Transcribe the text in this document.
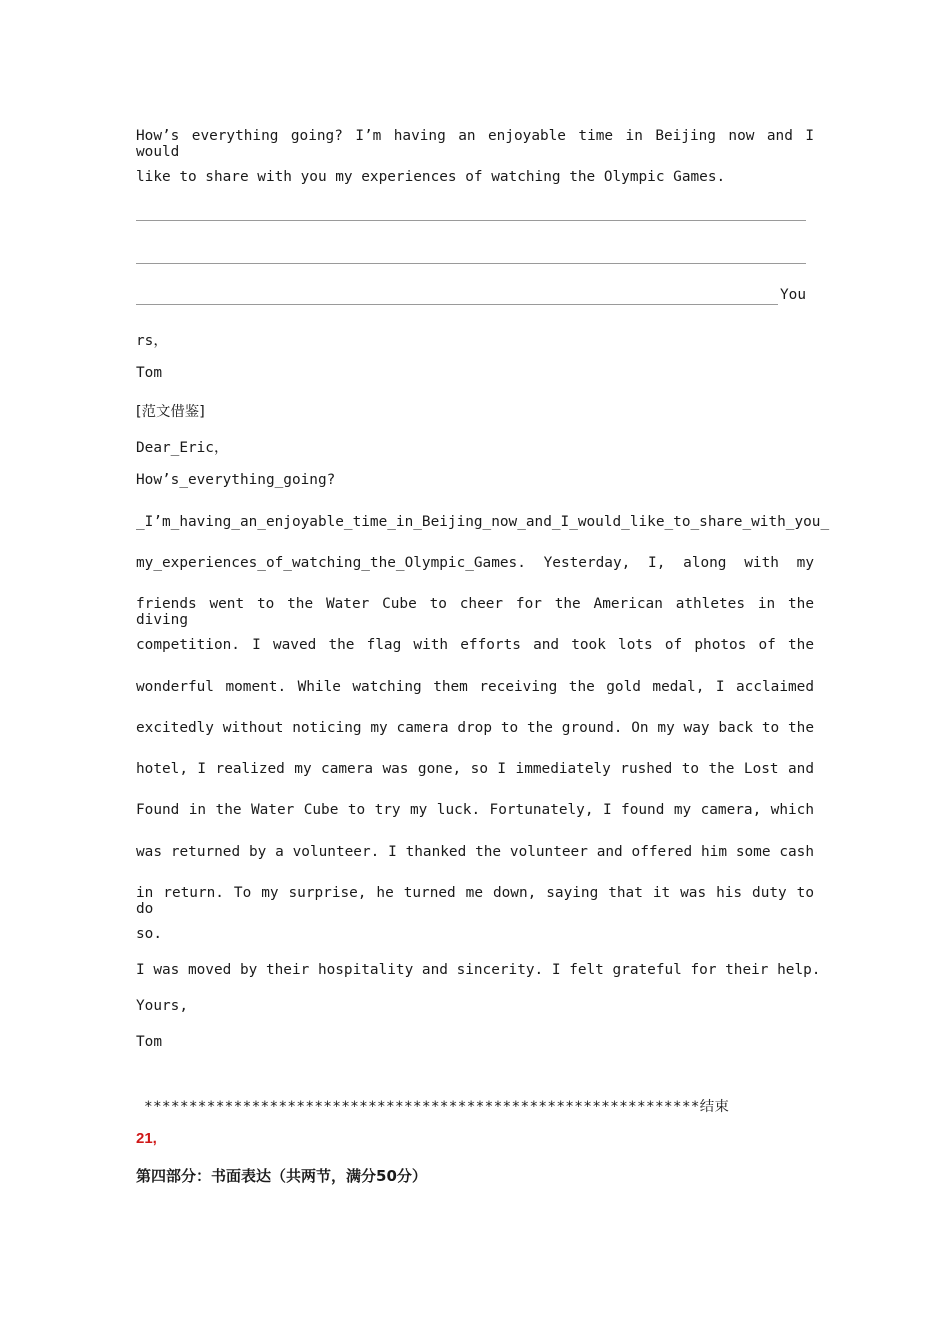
How’s everything going? I’m having an enjoyable time in Beijing now and I would
like to share with you my experiences of watching the Olympic Games.
You
rs，
Tom
[范文借鉴]
Dear_Eric，
How’s_everything_going?
_I’m_having_an_enjoyable_time_in_Beijing_now_and_I_would_like_to_share_with_you_
my_experiences_of_watching_the_Olympic_Games. Yesterday, I, along with my
friends went to the Water Cube to cheer for the American athletes in the diving
competition. I waved the flag with efforts and took lots of photos of the
wonderful moment. While watching them receiving the gold medal, I acclaimed
excitedly without noticing my camera drop to the ground. On my way back to the
hotel, I realized my camera was gone, so I immediately rushed to the Lost and
Found in the Water Cube to try my luck. Fortunately, I found my camera, which
was returned by a volunteer. I thanked the volunteer and offered him some cash
in return. To my surprise, he turned me down, saying that it was his duty to do
so.
I was moved by their hospitality and sincerity. I felt grateful for their help.
Yours,
Tom
**************************************************************结束
21,
第四部分：书面表达（共两节，满分50分）
